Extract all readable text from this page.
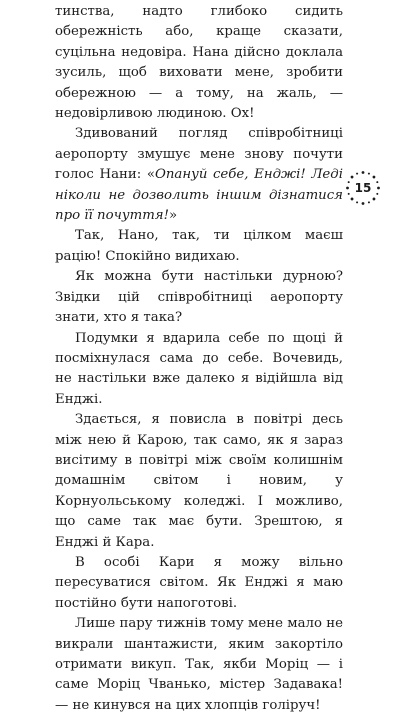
тинства, надто глибоко сидить обережність або, краще сказати, суцільна недовіра. Нана дійсно доклала зусиль, щоб виховати мене, зробити обережною — а тому, на жаль, — недовірливою людиною. Ох!

Здивований погляд співробітниці аеропорту змушує мене знову почути голос Нани: «Опануй себе, Енджі! Леді ніколи не дозволить іншим дізнатися про її почуття!»

Так, Нано, так, ти цілком маєш рацію! Спокійно видихаю.

Як можна бути настільки дурною? Звідки цій співробітниці аеропорту знати, хто я така?

Подумки я вдарила себе по щоці й посміхнулася сама до себе. Вочевидь, не настільки вже далеко я відійшла від Енджі.

Здається, я повисла в повітрі десь між нею й Карою, так само, як я зараз висітиму в повітрі між своїм колишнім домашнім світом і новим, у Корнуольському коледжі. І можливо, що саме так має бути. Зрештою, я Енджі й Кара.

В особі Кари я можу вільно пересуватися світом. Як Енджі я маю постійно бути напоготові.

Лише пару тижнів тому мене мало не викрали шантажисти, яким закортіло отримати викуп. Так, якби Моріц — і саме Моріц Чванько, містер Задавака! — не кинувся на цих хлопців голіруч!

15
